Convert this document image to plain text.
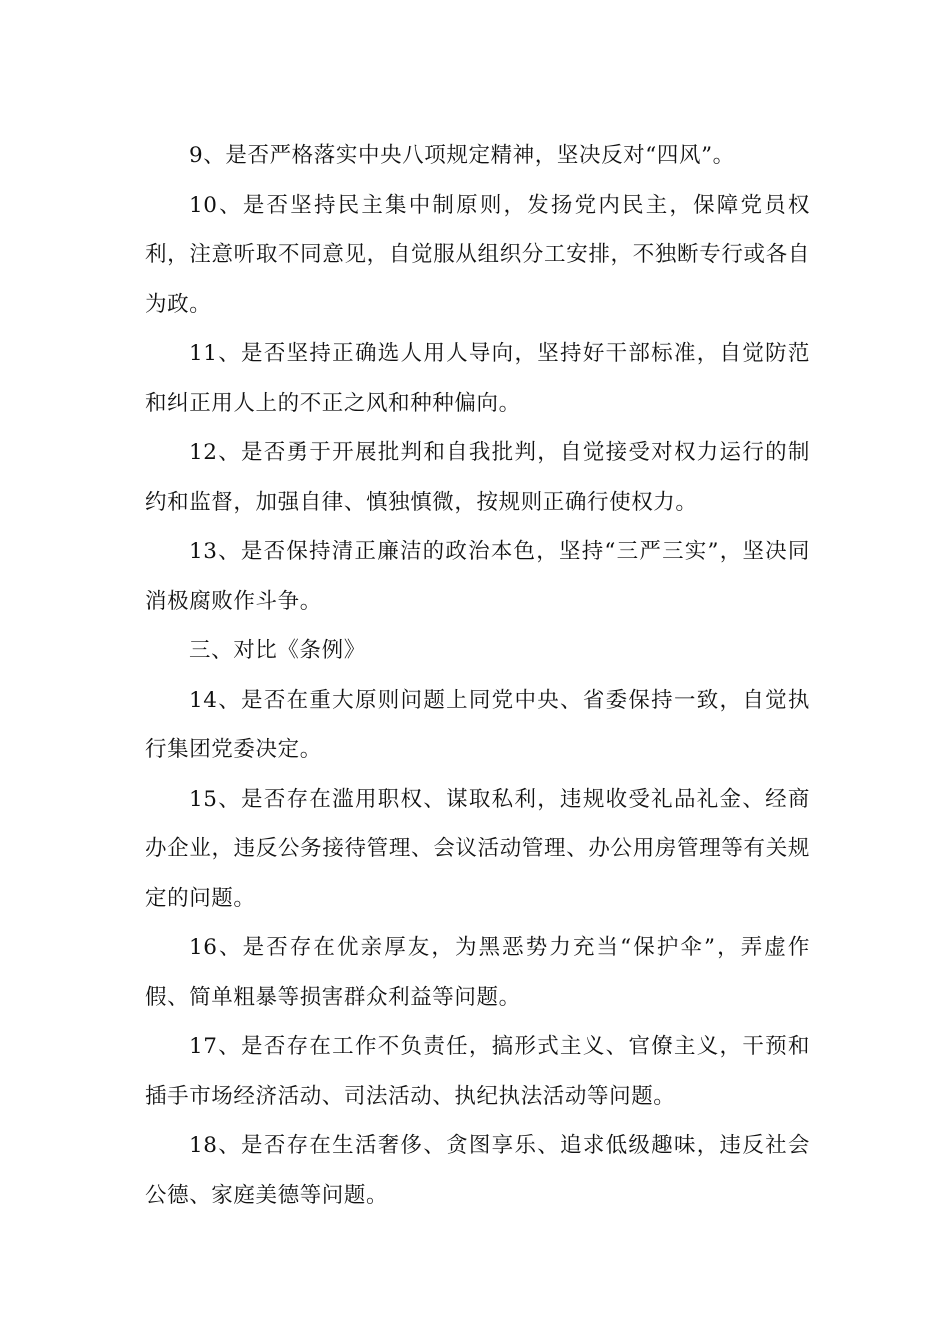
9、是否严格落实中央八项规定精神，坚决反对“四风”。

10、是否坚持民主集中制原则，发扬党内民主，保障党员权利，注意听取不同意见，自觉服从组织分工安排，不独断专行或各自为政。

11、是否坚持正确选人用人导向，坚持好干部标准，自觉防范和纠正用人上的不正之风和种种偏向。

12、是否勇于开展批判和自我批判，自觉接受对权力运行的制约和监督，加强自律、慎独慎微，按规则正确行使权力。

13、是否保持清正廉洁的政治本色，坚持“三严三实”，坚决同消极腐败作斗争。

三、对比《条例》

14、是否在重大原则问题上同党中央、省委保持一致，自觉执行集团党委决定。

15、是否存在滥用职权、谋取私利，违规收受礼品礼金、经商办企业，违反公务接待管理、会议活动管理、办公用房管理等有关规定的问题。

16、是否存在优亲厚友，为黑恶势力充当“保护伞”，弄虚作假、简单粗暴等损害群众利益等问题。

17、是否存在工作不负责任，搞形式主义、官僚主义，干预和插手市场经济活动、司法活动、执纪执法活动等问题。

18、是否存在生活奢侈、贪图享乐、追求低级趣味，违反社会公德、家庭美德等问题。
